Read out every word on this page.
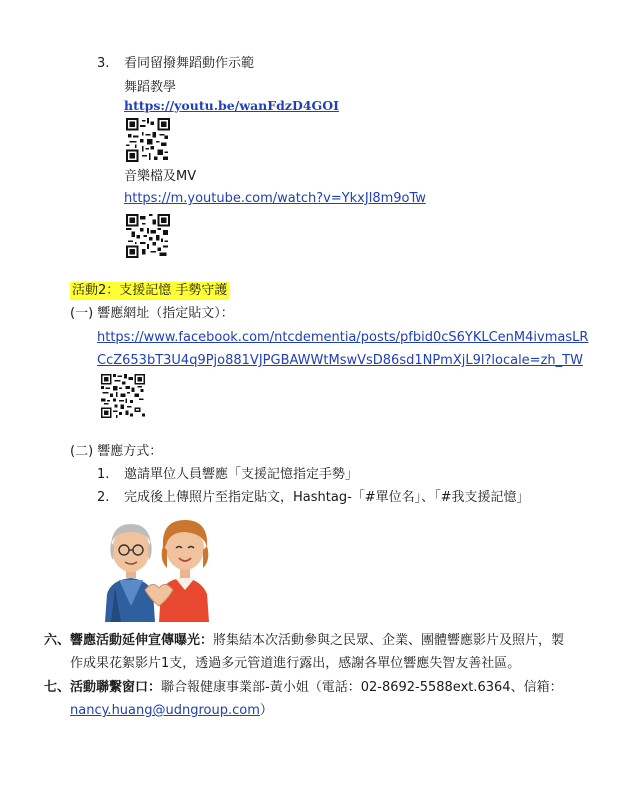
3. 看同留撥舞蹈動作示範
舞蹈教學
https://youtu.be/wanFdzD4GOI
音樂檔及MV
https://m.youtube.com/watch?v=YkxJl8m9oTw
活動2：支援記憶 手勢守護
(一) 響應網址（指定貼文）：
https://www.facebook.com/ntcdementia/posts/pfbid0cS6YKLCenM4ivmasLR
CcZ653bT3U4q9Pjo881VJPGBAWWtMswVsD86sd1NPmXjL9l?locale=zh_TW
(二) 響應方式：
1. 邀請單位人員響應「支援記憶指定手勢」
2. 完成後上傳照片至指定貼文，Hashtag-「#單位名」、「#我支援記憶」
六、 響應活動延伸宣傳曝光：將集結本次活動參與之民眾、企業、團體響應影片及照片，製
作成果花絮影片1支，透過多元管道進行露出，感謝各單位響應失智友善社區。
七、 活動聯繫窗口：聯合報健康事業部-黃小姐（電話：02-8692-5588ext.6364、信箱：
nancy.huang@udngroup.com）
